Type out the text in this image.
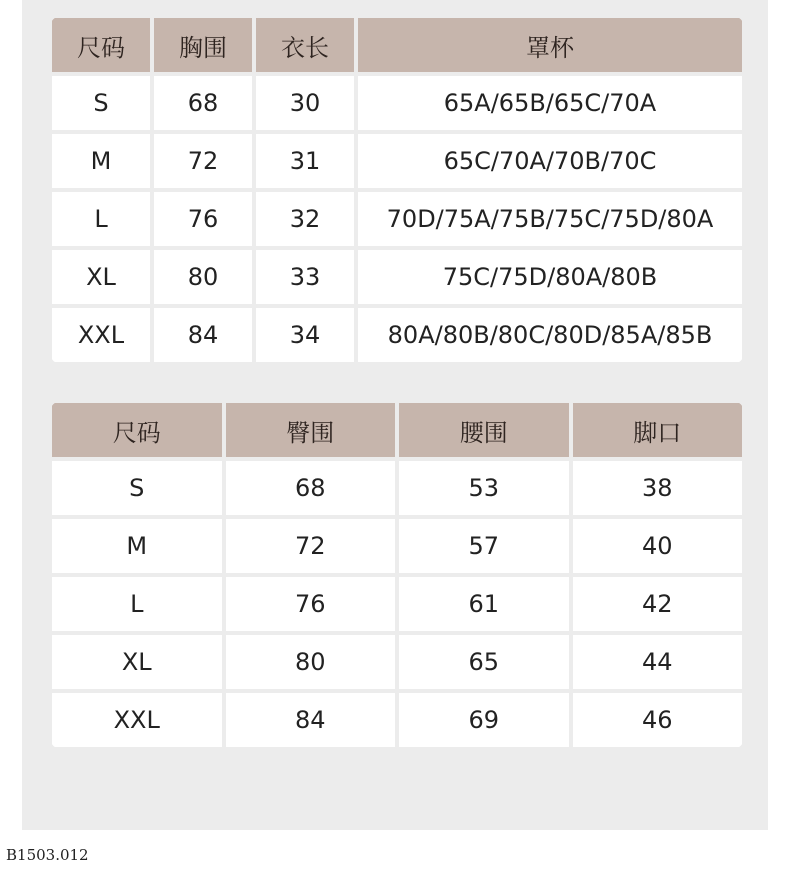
尺码	胸围	衣长	罩杯
S	68	30	65A/65B/65C/70A
M	72	31	65C/70A/70B/70C
L	76	32	70D/75A/75B/75C/75D/80A
XL	80	33	75C/75D/80A/80B
XXL	84	34	80A/80B/80C/80D/85A/85B
尺码	臀围	腰围	脚口
S	68	53	38
M	72	57	40
L	76	61	42
XL	80	65	44
XXL	84	69	46
B1503.012
